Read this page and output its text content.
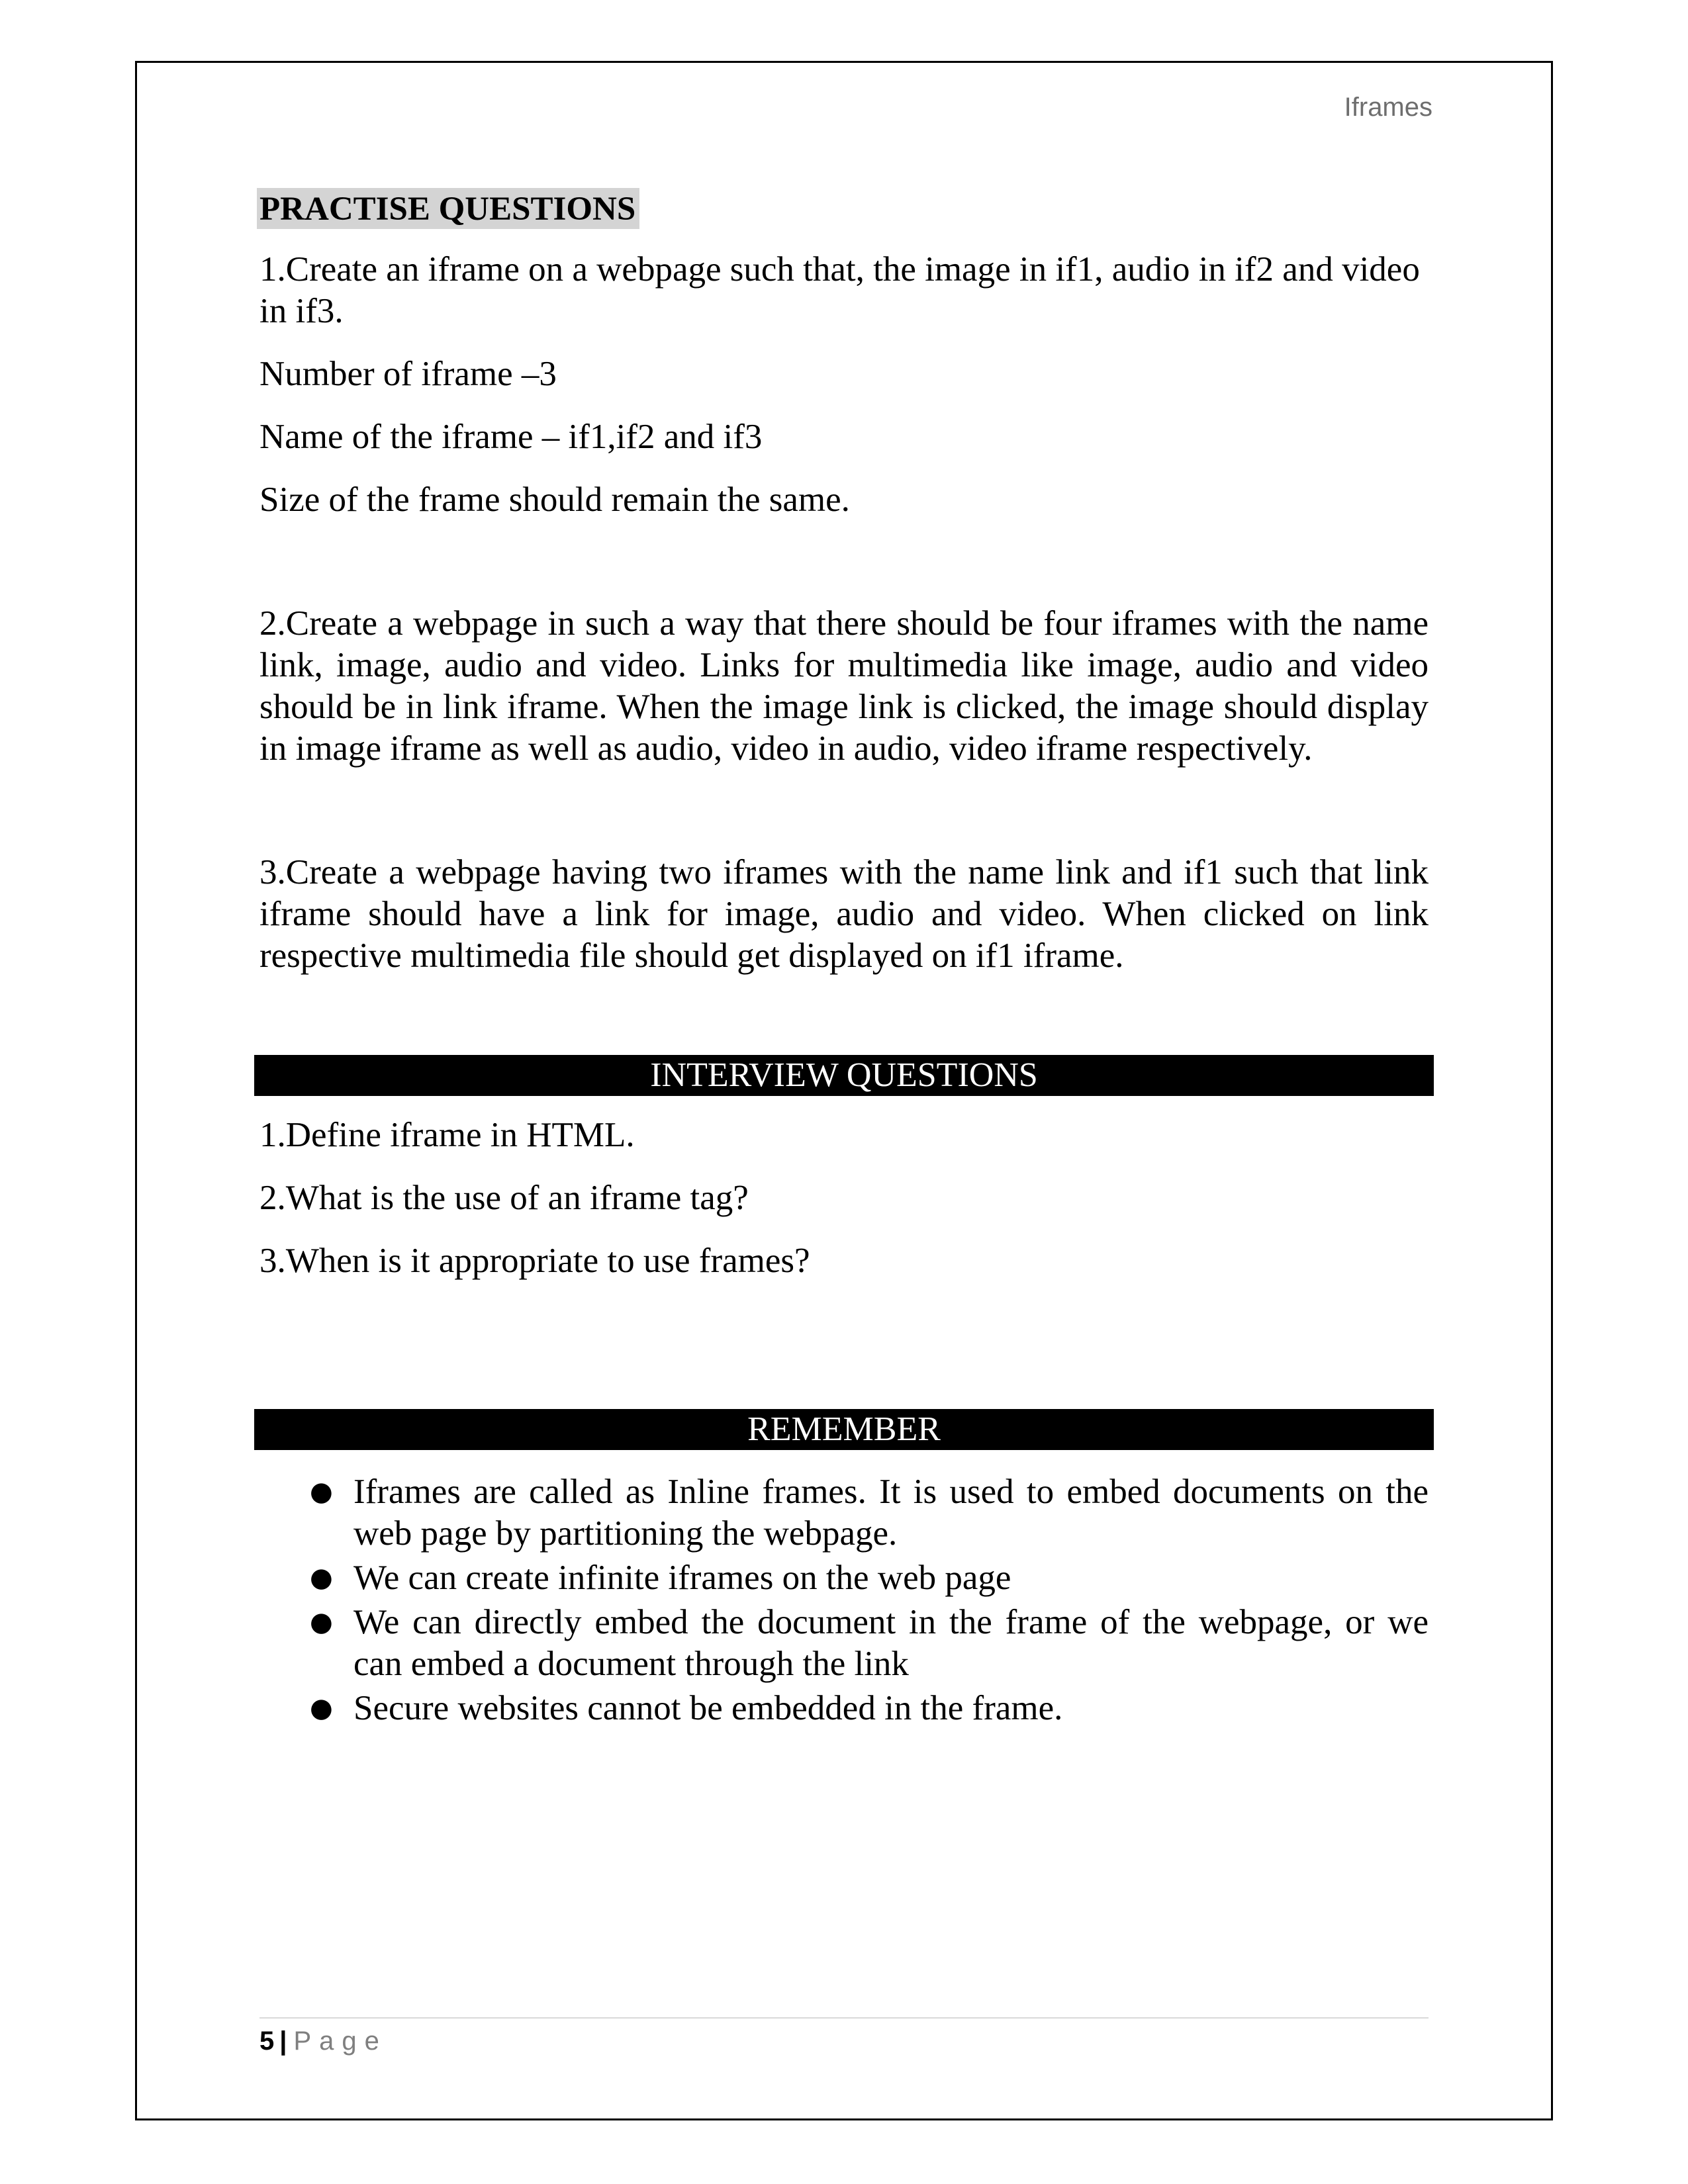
Iframes
PRACTISE QUESTIONS

1.Create an iframe on a webpage such that, the image in if1, audio in if2 and video in if3.

Number of iframe –3

Name of the iframe – if1,if2 and if3

Size of the frame should remain the same.

2.Create a webpage in such a way that there should be four iframes with the name link, image, audio and video. Links for multimedia like image, audio and video should be in link iframe. When the image link is clicked, the image should display in image iframe as well as audio, video in audio, video iframe respectively.

3.Create a webpage having two iframes with the name link and if1 such that link iframe should have a link for image, audio and video. When clicked on link respective multimedia file should get displayed on if1 iframe.

INTERVIEW QUESTIONS

1.Define iframe in HTML.

2.What is the use of an iframe tag?

3.When is it appropriate to use frames?

REMEMBER
● Iframes are called as Inline frames. It is used to embed documents on the web page by partitioning the webpage.
● We can create infinite iframes on the web page
● We can directly embed the document in the frame of the webpage, or we can embed a document through the link
● Secure websites cannot be embedded in the frame.
5 | Page
